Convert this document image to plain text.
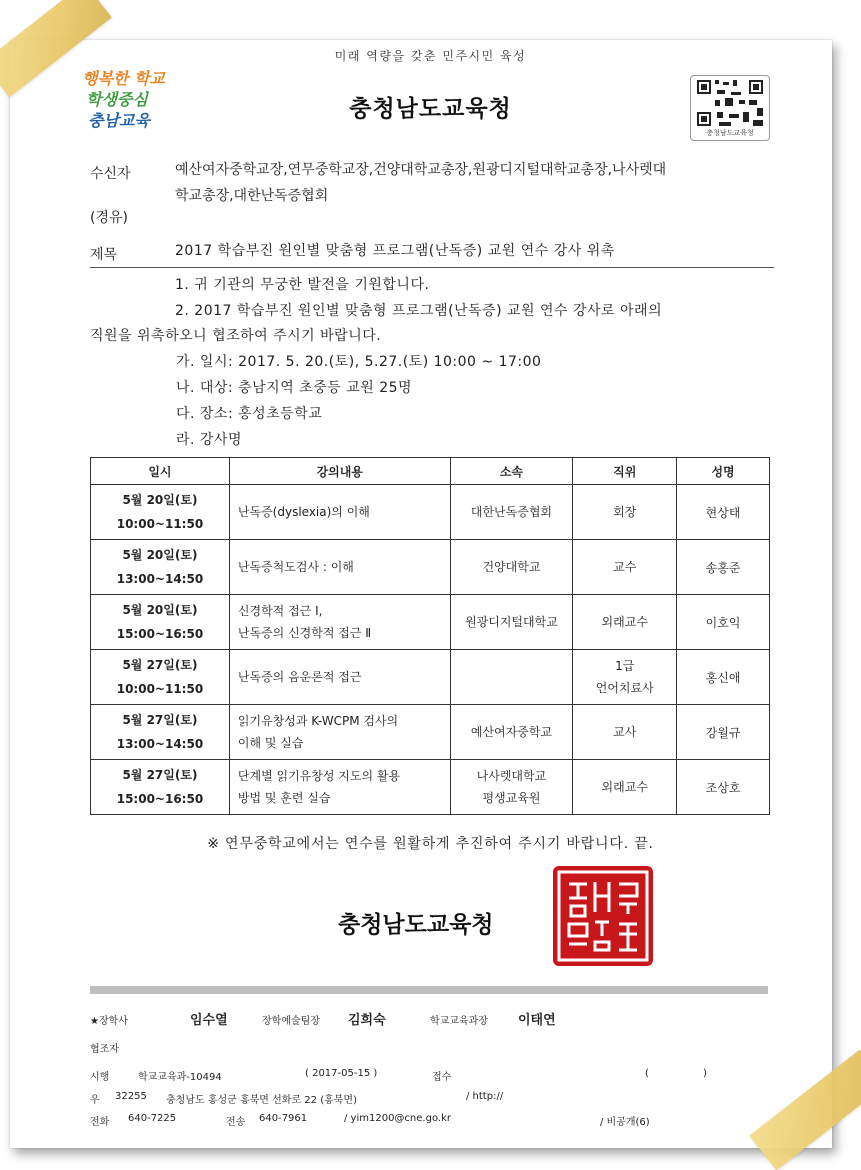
미래 역량을 갖춘 민주시민 육성
행복한 학교
학생중심
충남교육	충청남도교육청
충청남도교육청
수신자	예산여자중학교장,연무중학교장,건양대학교총장,원광디지털대학교총장,나사렛대
학교총장,대한난독증협회
(경유)
제목	2017 학습부진 원인별 맞춤형 프로그램(난독증) 교원 연수 강사 위촉
1. 귀 기관의 무궁한 발전을 기원합니다.
2. 2017 학습부진 원인별 맞춤형 프로그램(난독증) 교원 연수 강사로 아래의
직원을 위촉하오니 협조하여 주시기 바랍니다.
가. 일시: 2017. 5. 20.(토), 5.27.(토) 10:00 ~ 17:00
나. 대상: 충남지역 초중등 교원 25명
다. 장소: 홍성초등학교
라. 강사명
일시	강의내용	소속	직위	성명

5월 20일(토)
10:00~11:50	난독증(dyslexia)의 이해	대한난독증협회	회장	현상태

5월 20일(토)
13:00~14:50	난독증척도검사 : 이해	건양대학교	교수	송홍준

5월 20일(토)
15:00~16:50	신경학적 접근 Ⅰ,
난독증의 신경학적 접근 Ⅱ	원광디지털대학교	외래교수	이호익

5월 27일(토)
10:00~11:50	난독증의 음운론적 접근		1급
언어치료사	홍신애

5월 27일(토)
13:00~14:50	읽기유창성과 K-WCPM 검사의
이해 및 실습	예산여자중학교	교사	강월규

5월 27일(토)
15:00~16:50	단계별 읽기유창성 지도의 활용
방법 및 훈련 실습	나사렛대학교
평생교육원	외래교수	조상호
※ 연무중학교에서는 연수를 원활하게 추진하여 주시기 바랍니다. 끝.
충청남도교육청
★장학사	임수열	장학예술팀장 김희숙	학교교육과장 이태연
협조자
시행	학교교육과-10494	( 2017-05-15 )	접수	(                 )
우 32255 충청남도 홍성군 홍북면 선화로 22 (홍북면)	/ http://
전화 640-7225	전송 640-7961	/ yim1200@cne.go.kr	/ 비공개(6)
